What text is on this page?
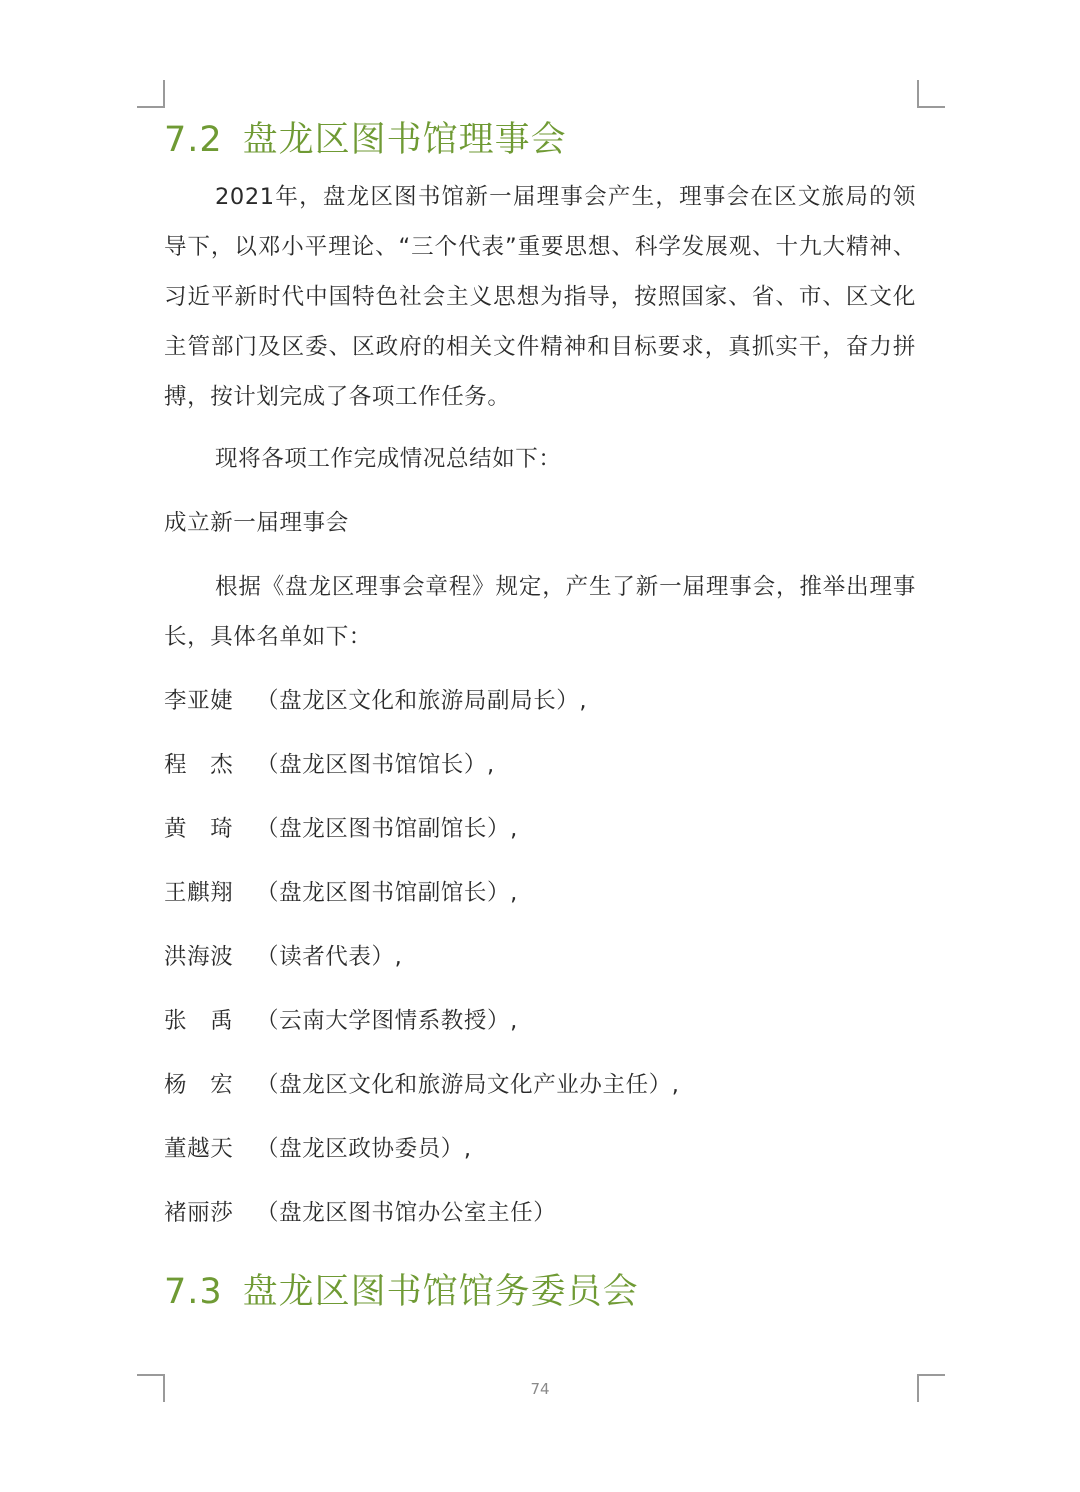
7.2 盘龙区图书馆理事会

2021年，盘龙区图书馆新一届理事会产生，理事会在区文旅局的领导下，以邓小平理论、“三个代表”重要思想、科学发展观、十九大精神、习近平新时代中国特色社会主义思想为指导，按照国家、省、市、区文化主管部门及区委、区政府的相关文件精神和目标要求，真抓实干，奋力拼搏，按计划完成了各项工作任务。

现将各项工作完成情况总结如下：

成立新一届理事会

根据《盘龙区理事会章程》规定，产生了新一届理事会，推举出理事长，具体名单如下：

李亚婕 （盘龙区文化和旅游局副局长）,

程　杰 （盘龙区图书馆馆长）,

黄　琦 （盘龙区图书馆副馆长）,

王麒翔 （盘龙区图书馆副馆长）,

洪海波 （读者代表）,

张　禹 （云南大学图情系教授）,

杨　宏 （盘龙区文化和旅游局文化产业办主任）,

董越天 （盘龙区政协委员）,

褚丽莎 （盘龙区图书馆办公室主任）

7.3 盘龙区图书馆馆务委员会
74
